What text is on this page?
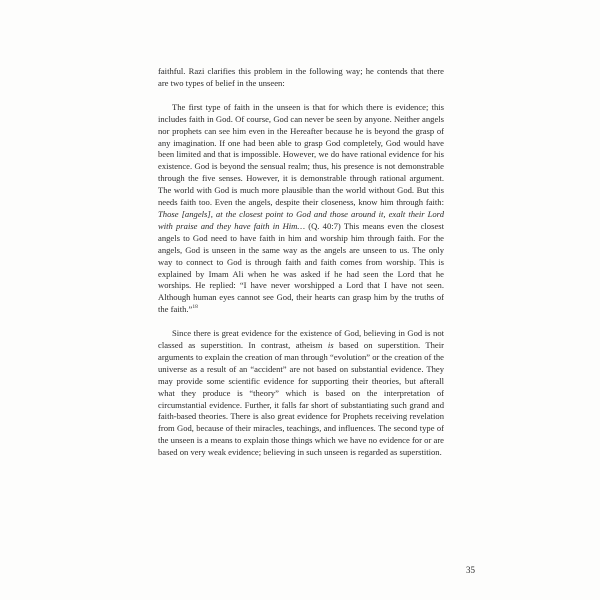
faithful. Razi clarifies this problem in the following way; he contends that there are two types of belief in the unseen:

The first type of faith in the unseen is that for which there is evidence; this includes faith in God. Of course, God can never be seen by anyone. Neither angels nor prophets can see him even in the Hereafter because he is beyond the grasp of any imagination. If one had been able to grasp God completely, God would have been limited and that is impossible. However, we do have rational evidence for his existence. God is beyond the sensual realm; thus, his presence is not demonstrable through the five senses. However, it is demonstrable through rational argument. The world with God is much more plausible than the world without God. But this needs faith too. Even the angels, despite their closeness, know him through faith: Those [angels], at the closest point to God and those around it, exalt their Lord with praise and they have faith in Him… (Q. 40:7) This means even the closest angels to God need to have faith in him and worship him through faith. For the angels, God is unseen in the same way as the angels are unseen to us. The only way to connect to God is through faith and faith comes from worship. This is explained by Imam Ali when he was asked if he had seen the Lord that he worships. He replied: “I have never worshipped a Lord that I have not seen. Although human eyes cannot see God, their hearts can grasp him by the truths of the faith.”$^{18}$

Since there is great evidence for the existence of God, believing in God is not classed as superstition. In contrast, atheism is based on superstition. Their arguments to explain the creation of man through “evolution” or the creation of the universe as a result of an “accident” are not based on substantial evidence. They may provide some scientific evidence for supporting their theories, but afterall what they produce is “theory” which is based on the interpretation of circumstantial evidence. Further, it falls far short of substantiating such grand and faith-based theories. There is also great evidence for Prophets receiving revelation from God, because of their miracles, teachings, and influences. The second type of the unseen is a means to explain those things which we have no evidence for or are based on very weak evidence; believing in such unseen is regarded as superstition.

35
